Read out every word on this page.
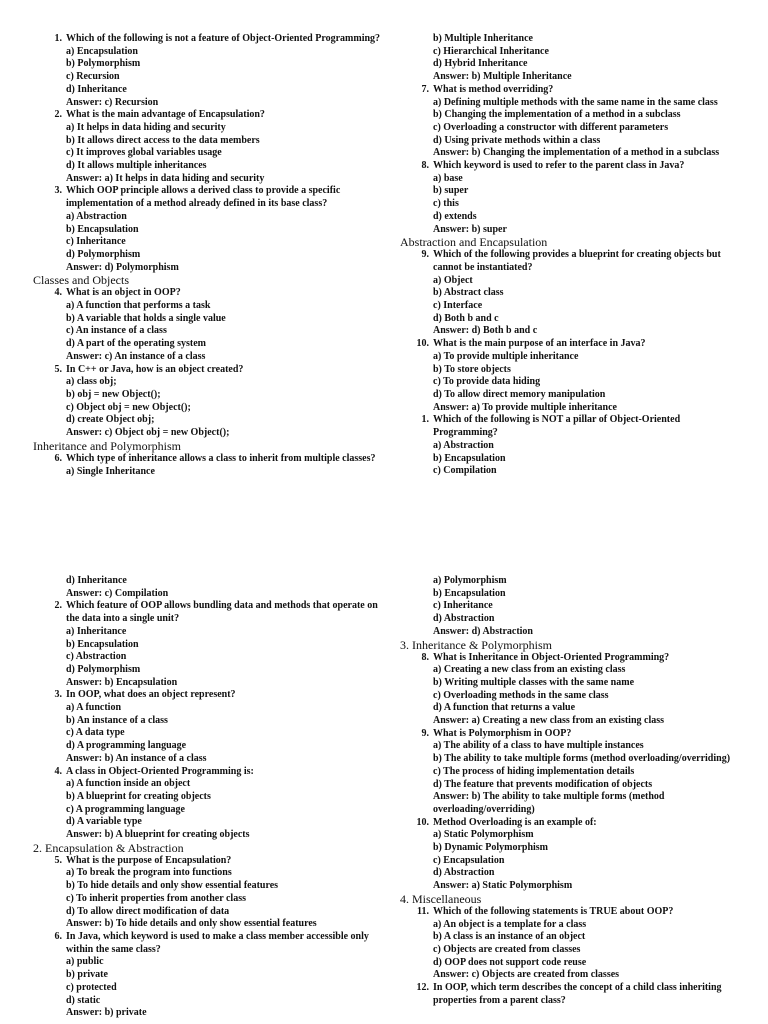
1. Which of the following is not a feature of Object-Oriented Programming?
a) Encapsulation
b) Polymorphism
c) Recursion
d) Inheritance
Answer: c) Recursion
2. What is the main advantage of Encapsulation?
a) It helps in data hiding and security
b) It allows direct access to the data members
c) It improves global variables usage
d) It allows multiple inheritances
Answer: a) It helps in data hiding and security
3. Which OOP principle allows a derived class to provide a specific implementation of a method already defined in its base class?
a) Abstraction
b) Encapsulation
c) Inheritance
d) Polymorphism
Answer: d) Polymorphism
Classes and Objects
4. What is an object in OOP?
a) A function that performs a task
b) A variable that holds a single value
c) An instance of a class
d) A part of the operating system
Answer: c) An instance of a class
5. In C++ or Java, how is an object created?
a) class obj;
b) obj = new Object();
c) Object obj = new Object();
d) create Object obj;
Answer: c) Object obj = new Object();
Inheritance and Polymorphism
6. Which type of inheritance allows a class to inherit from multiple classes?
a) Single Inheritance
b) Multiple Inheritance
c) Hierarchical Inheritance
d) Hybrid Inheritance
Answer: b) Multiple Inheritance
7. What is method overriding?
a) Defining multiple methods with the same name in the same class
b) Changing the implementation of a method in a subclass
c) Overloading a constructor with different parameters
d) Using private methods within a class
Answer: b) Changing the implementation of a method in a subclass
8. Which keyword is used to refer to the parent class in Java?
a) base
b) super
c) this
d) extends
Answer: b) super
Abstraction and Encapsulation
9. Which of the following provides a blueprint for creating objects but cannot be instantiated?
a) Object
b) Abstract class
c) Interface
d) Both b and c
Answer: d) Both b and c
10. What is the main purpose of an interface in Java?
a) To provide multiple inheritance
b) To store objects
c) To provide data hiding
d) To allow direct memory manipulation
Answer: a) To provide multiple inheritance
1. Which of the following is NOT a pillar of Object-Oriented Programming?
a) Abstraction
b) Encapsulation
c) Compilation
d) Inheritance
Answer: c) Compilation
2. Which feature of OOP allows bundling data and methods that operate on the data into a single unit?
a) Inheritance
b) Encapsulation
c) Abstraction
d) Polymorphism
Answer: b) Encapsulation
3. In OOP, what does an object represent?
a) A function
b) An instance of a class
c) A data type
d) A programming language
Answer: b) An instance of a class
4. A class in Object-Oriented Programming is:
a) A function inside an object
b) A blueprint for creating objects
c) A programming language
d) A variable type
Answer: b) A blueprint for creating objects
2. Encapsulation & Abstraction
5. What is the purpose of Encapsulation?
a) To break the program into functions
b) To hide details and only show essential features
c) To inherit properties from another class
d) To allow direct modification of data
Answer: b) To hide details and only show essential features
6. In Java, which keyword is used to make a class member accessible only within the same class?
a) public
b) private
c) protected
d) static
Answer: b) private
a) Polymorphism
b) Encapsulation
c) Inheritance
d) Abstraction
Answer: d) Abstraction
3. Inheritance & Polymorphism
8. What is Inheritance in Object-Oriented Programming?
a) Creating a new class from an existing class
b) Writing multiple classes with the same name
c) Overloading methods in the same class
d) A function that returns a value
Answer: a) Creating a new class from an existing class
9. What is Polymorphism in OOP?
a) The ability of a class to have multiple instances
b) The ability to take multiple forms (method overloading/overriding)
c) The process of hiding implementation details
d) The feature that prevents modification of objects
Answer: b) The ability to take multiple forms (method overloading/overriding)
10. Method Overloading is an example of:
a) Static Polymorphism
b) Dynamic Polymorphism
c) Encapsulation
d) Abstraction
Answer: a) Static Polymorphism
4. Miscellaneous
11. Which of the following statements is TRUE about OOP?
a) An object is a template for a class
b) A class is an instance of an object
c) Objects are created from classes
d) OOP does not support code reuse
Answer: c) Objects are created from classes
12. In OOP, which term describes the concept of a child class inheriting properties from a parent class?
